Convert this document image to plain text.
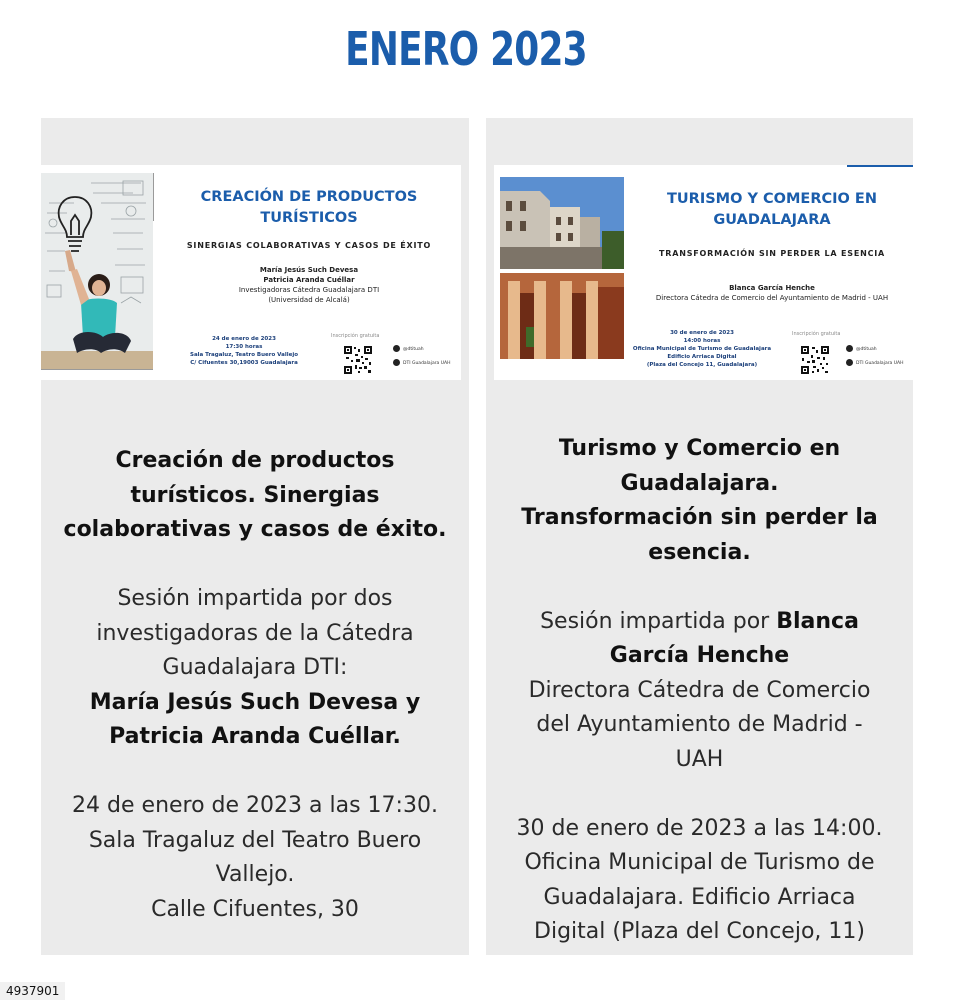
ENERO 2023
CREACIÓN DE PRODUCTOS TURÍSTICOS
SINERGIAS COLABORATIVAS Y CASOS DE ÉXITO
María Jesús Such Devesa
Patricia Aranda Cuéllar
Investigadoras Cátedra Guadalajara DTI
(Universidad de Alcalá)
24 de enero de 2023
17:30 horas
Sala Tragaluz, Teatro Buero Vallejo
C/ Cifuentes 30,19003 Guadalajara
Inscripción gratuita
@dtituah
DTI Guadalajara UAH
Creación de productos
turísticos. Sinergias
colaborativas y casos de éxito.
Sesión impartida por dos
investigadoras de la Cátedra
Guadalajara DTI:
María Jesús Such Devesa y
Patricia Aranda Cuéllar.
24 de enero de 2023 a las 17:30.
Sala Tragaluz del Teatro Buero
Vallejo.
Calle Cifuentes, 30
TURISMO Y COMERCIO EN GUADALAJARA
TRANSFORMACIÓN SIN PERDER LA ESENCIA
Blanca García Henche
Directora Cátedra de Comercio del Ayuntamiento de Madrid - UAH
30 de enero de 2023
14:00 horas
Oficina Municipal de Turismo de Guadalajara
Edificio Arriaca Digital
(Plaza del Concejo 11, Guadalajara)
Inscripción gratuita
@dtituah
DTI Guadalajara UAH
Turismo y Comercio en
Guadalajara.
Transformación sin perder la
esencia.
Sesión impartida por Blanca
García Henche
Directora Cátedra de Comercio
del Ayuntamiento de Madrid -
UAH
30 de enero de 2023 a las 14:00.
Oficina Municipal de Turismo de
Guadalajara. Edificio Arriaca
Digital (Plaza del Concejo, 11)
4937901
